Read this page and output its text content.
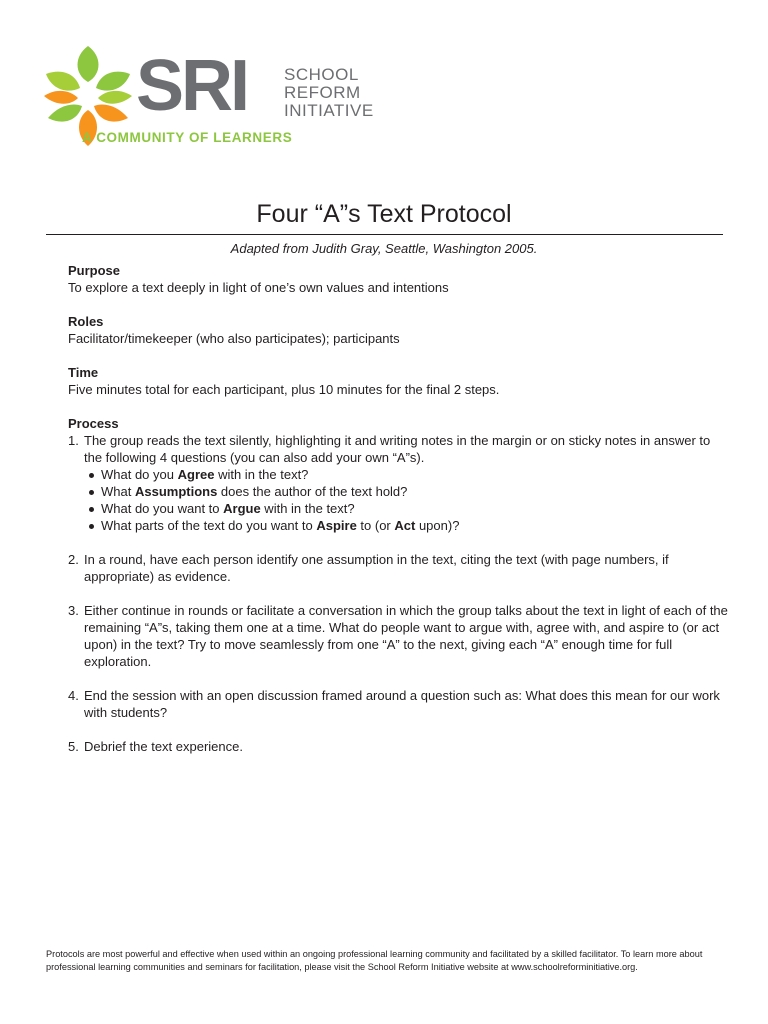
SRI SCHOOL
REFORM
INITIATIVE
A COMMUNITY OF LEARNERS
Four “A”s Text Protocol
Adapted from Judith Gray, Seattle, Washington 2005.

Purpose

To explore a text deeply in light of one’s own values and intentions

Roles

Facilitator/timekeeper (who also participates); participants

Time

Five minutes total for each participant, plus 10 minutes for the final 2 steps.

Process

1. The group reads the text silently, highlighting it and writing notes in the margin or on sticky notes in answer to the following 4 questions (you can also add your own “A”s).
What do you Agree with in the text?
What Assumptions does the author of the text hold?
What do you want to Argue with in the text?
What parts of the text do you want to Aspire to (or Act upon)?
2. In a round, have each person identify one assumption in the text, citing the text (with page numbers, if appropriate) as evidence.
3. Either continue in rounds or facilitate a conversation in which the group talks about the text in light of each of the remaining “A”s, taking them one at a time. What do people want to argue with, agree with, and aspire to (or act upon) in the text? Try to move seamlessly from one “A” to the next, giving each “A” enough time for full exploration.
4. End the session with an open discussion framed around a question such as: What does this mean for our work with students?
5. Debrief the text experience.
Protocols are most powerful and effective when used within an ongoing professional learning community and facilitated by a skilled facilitator. To learn more about professional learning communities and seminars for facilitation, please visit the School Reform Initiative website at www.schoolreforminitiative.org.
